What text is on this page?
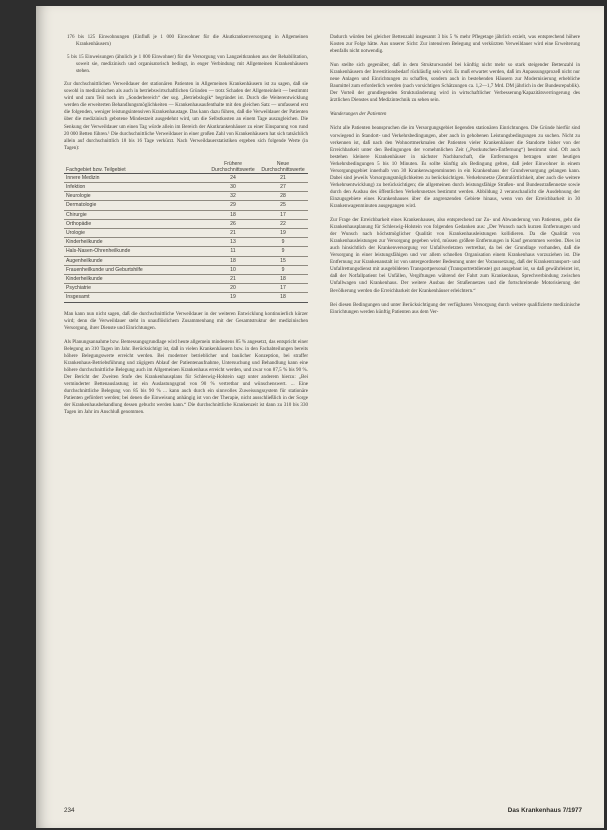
176 bis 125 Einwohnungen (Einfluß je 1 000 Einwohner für die Akutkrankenversorgung in Allgemeinen Krankenhäusern)

5 bis 15 Einweisungen (ähnlich je 1 000 Einwohner) für die Versorgung von Langzeitkranken aus der Rehabilitation, soweit sie, medizinisch und organisatorisch bedingt, in enger Verbindung mit Allgemeinen Krankenhäusern stehen.

Zur durchschnittlichen Verweildauer der stationären Patienten in Allgemeinen Krankenhäusern ist zu sagen, daß sie sowohl in medizinischen als auch in betriebswirtschaftlichen Gründen — trotz Schaden der Allgemeinheit — bestimmt wird und zum Teil noch im „Sonderbereich“ der sog. „Betriebslogik“ begründet ist. Durch die Weiterentwicklung werden die erweiterten Behandlungsmöglichkeiten — Krankenhausaufenthalte mit den gleichen Satz — umfassend erst die folgenden, weniger leistungsintensiven Krankenhaustage. Das kann dazu führen, daß die Verweildauer der Patienten über die medizinisch gebotene Mindestzeit ausgedehnt wird, um die Selbstkosten an einem Tage auszugleichen. Die Senkung der Verweildauer um einen Tag würde allein im Bereich der Akutkrankenhäuser zu einer Einsparung von rund 20 000 Betten führen.¹ Die durchschnittliche Verweildauer in einer großen Zahl von Krankenhäusern hat sich tatsächlich allein auf durchschnittlich 18 bis 16 Tage verkürzt. Nach Verweildauerstatistiken ergeben sich folgende Werte (in Tagen):

Fachgebiet bzw. Teilgebiet	Frühere Durchschnittswerte	Neue Durchschnittswerte
Innere Medizin	24	21
Infektion	30	27
Neurologie	32	28
Dermatologie	29	25
Chirurgie	18	17
Orthopädie	26	22
Urologie	21	19
Kinderheilkunde	13	9
Hals-Nasen-Ohrenheilkunde	11	9
Augenheilkunde	18	15
Frauenheilkunde und Geburtshilfe	10	9
Kinderheilkunde	21	18
Psychiatrie	20	17
Insgesamt	19	18

Man kann nun nicht sagen, daß die durchschnittliche Verweildauer in der weiteren Entwicklung kontinuierlich kürzer wird; denn die Verweildauer steht in unauflöslichem Zusammenhang mit der Gesamtstruktur der medizinischen Versorgung, ihrer Dienste und Einrichtungen.

Als Planungsannahme bzw. Bemessungsgrundlage wird heute allgemein mindestens 85 % angesetzt, das entspricht einer Belegung an 310 Tagen im Jahr. Berücksichtigt ist, daß in vielen Krankenhäusern bzw. in den Fachabteilungen bereits höhere Belegungswerte erreicht werden. Bei moderner betrieblicher und baulicher Konzeption, bei straffer Krankenhaus-Betriebsführung und zügigem Ablauf der Patientenaufnahme, Untersuchung und Behandlung kann eine höhere durchschnittliche Belegung auch im Allgemeinen Krankenhaus erreicht werden, und zwar von 87,5 % bis 90 %. Der Bericht der Zweiten Stufe des Krankenhausplans für Schleswig-Holstein sagt unter anderem hierzu: „Bei verminderter Bettenauslastung ist ein Auslastungsgrad von 90 % vertretbar und wünschenswert. ... Eine durchschnittliche Belegung von 85 bis 90 % ... kann auch durch ein sinnvolles Zuweisungssystem für stationäre Patienten gefördert werden; bei denen die Einweisung anhängig ist von der Therapie, nicht ausschließlich in der Sorge der Krankenhausbehandlung dessen gebucht werden kann.“ Die durchschnittliche Krankenzeit ist dann zu 310 bis 330 Tagen im Jahr im Anschluß genommen.

Dadurch würden bei gleicher Bettenzahl insgesamt 3 bis 5 % mehr Pflegetage jährlich erzielt, was entsprechend höhere Kosten zur Folge hätte. Aus unserer Sicht: Zur intensiven Belegung und verkürzten Verweildauer wird eine Erweiterung ebenfalls nicht notwendig.

Nun stellte sich gegenüber, daß in dem Strukturwandel bei künftig nicht mehr so stark steigender Bettenzahl in Krankenhäusern der Investitionsbedarf rückläufig sein wird. Es muß erwartet werden, daß im Anpassungsprozeß nicht nur neue Anlagen und Einrichtungen zu schaffen, sondern auch in bestehenden Häusern zur Modernisierung erhebliche Baumittel zum erforderlich werden (nach vorsichtigen Schätzungen ca. 1,2—1,7 Mrd. DM jährlich in der Bundesrepublik). Der Vorteil der grundlegenden Strukturänderung wird in wirtschaftlicher Verbesserung/Kapazitätsverringerung des ärztlichen Dienstes und Medizintechnik zu sehen sein.

Wanderungen der Patienten

Nicht alle Patienten beanspruchen die im Versorgungsgebiet liegenden stationären Einrichtungen. Die Gründe hierfür sind vorwiegend in Standort- und Verkehrsbedingungen, aber auch in gehobenen Leistungsbedingungen zu suchen. Nicht zu verkennen ist, daß nach den Wohnortmerkmalen der Patienten vieler Krankenhäuser die Standorte bisher von der Erreichbarkeit unter den Bedingungen der vornehmlichen Zeit („Postkutschen-Entfernung“) bestimmt sind. Oft auch bestehen kleinere Krankenhäuser in nächster Nachbarschaft, die Entfernungen betragen unter heutigen Verkehrsbedingungen 5 bis 10 Minuten. Es sollte künftig als Bedingung gelten, daß jeder Einwohner in einem Versorgungsgebiet innerhalb von 30 Krankenwagenminuten in ein Krankenhaus der Grundversorgung gelangen kann. Dabei sind jeweils Vorsorgungsmöglichkeiten zu berücksichtigen. Verkehrsnetze (Zentralörtlichkeit, aber auch die weitere Verkehrsentwicklung) zu berücksichtigen; die allgemeinen durch leistungsfähige Straßen- und Bundesstraßennetze sowie durch den Ausbau des öffentlichen Verkehrsnetzes bestimmt werden. Abbildung 2 veranschaulicht die Ausdehnung der Einzugsgebiete eines Krankenhauses über die angrenzenden Gebiete hinaus, wenn von der Erreichbarkeit in 30 Krankenwagenminuten ausgegangen wird.

Zur Frage der Erreichbarkeit eines Krankenhauses, also entsprechend zur Zu- und Abwanderung von Patienten, geht die Krankenhausplanung für Schleswig-Holstein von folgenden Gedanken aus: „Der Wunsch nach kurzen Entfernungen und der Wunsch nach höchstmöglicher Qualität von Krankenhausleistungen kollidieren. Da die Qualität von Krankenhausleistungen zur Versorgung gegeben wird, müssen größere Entfernungen in Kauf genommen werden. Dies ist auch hinsichtlich der Krankenversorgung vor Unfallverletzten vertretbar, da bei der Grundlage vorhanden, daß die Versorgung in einer leistungsfähigen und vor allem schnellen Organisation einem Krankenhaus vorzuziehen ist. Die Entfernung zur Krankenanstalt ist von untergeordneter Bedeutung unter der Voraussetzung, daß der Krankentransport- und Unfallrettungsdienst mit ausgebildeten Transportpersonal (Transportrettdienste) gut ausgebaut ist, so daß gewährleistet ist, daß der Notfallpatient bei Unfällen, Vergiftungen während der Fahrt zum Krankenhaus, Sprechverbindung zwischen Unfallwagen und Krankenhaus. Der weitere Ausbau der Straßennetzes und die fortschreitende Motorisierung der Bevölkerung werden die Erreichbarkeit der Krankenhäuser erleichtern.“

Bei diesen Bedingungen und unter Berücksichtigung der verfügbaren Versorgung durch weitere qualifizierte medizinische Einrichtungen werden künftig Patienten aus dem Ver-

234	Das Krankenhaus 7/1977
